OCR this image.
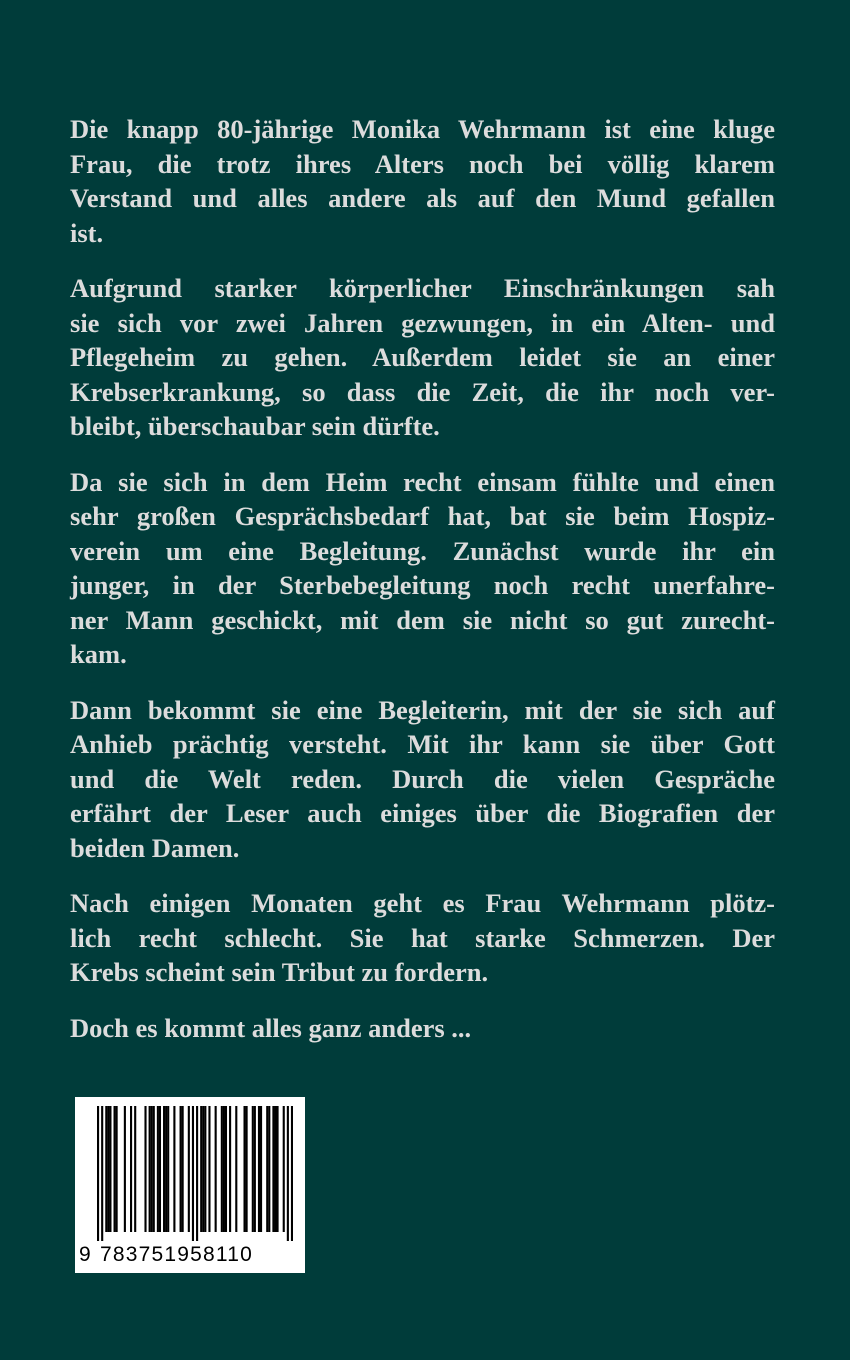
Die knapp 80-jährige Monika Wehrmann ist eine kluge
Frau, die trotz ihres Alters noch bei völlig klarem
Verstand und alles andere als auf den Mund gefallen
ist.

Aufgrund starker körperlicher Einschränkungen sah
sie sich vor zwei Jahren gezwungen, in ein Alten- und
Pflegeheim zu gehen. Außerdem leidet sie an einer
Krebserkrankung, so dass die Zeit, die ihr noch ver-
bleibt, überschaubar sein dürfte.

Da sie sich in dem Heim recht einsam fühlte und einen
sehr großen Gesprächsbedarf hat, bat sie beim Hospiz-
verein um eine Begleitung. Zunächst wurde ihr ein
junger, in der Sterbebegleitung noch recht unerfahre-
ner Mann geschickt, mit dem sie nicht so gut zurecht-
kam.

Dann bekommt sie eine Begleiterin, mit der sie sich auf
Anhieb prächtig versteht. Mit ihr kann sie über Gott
und die Welt reden. Durch die vielen Gespräche
erfährt der Leser auch einiges über die Biografien der
beiden Damen.

Nach einigen Monaten geht es Frau Wehrmann plötz-
lich recht schlecht. Sie hat starke Schmerzen. Der
Krebs scheint sein Tribut zu fordern.

Doch es kommt alles ganz anders ...

9 783751958110
